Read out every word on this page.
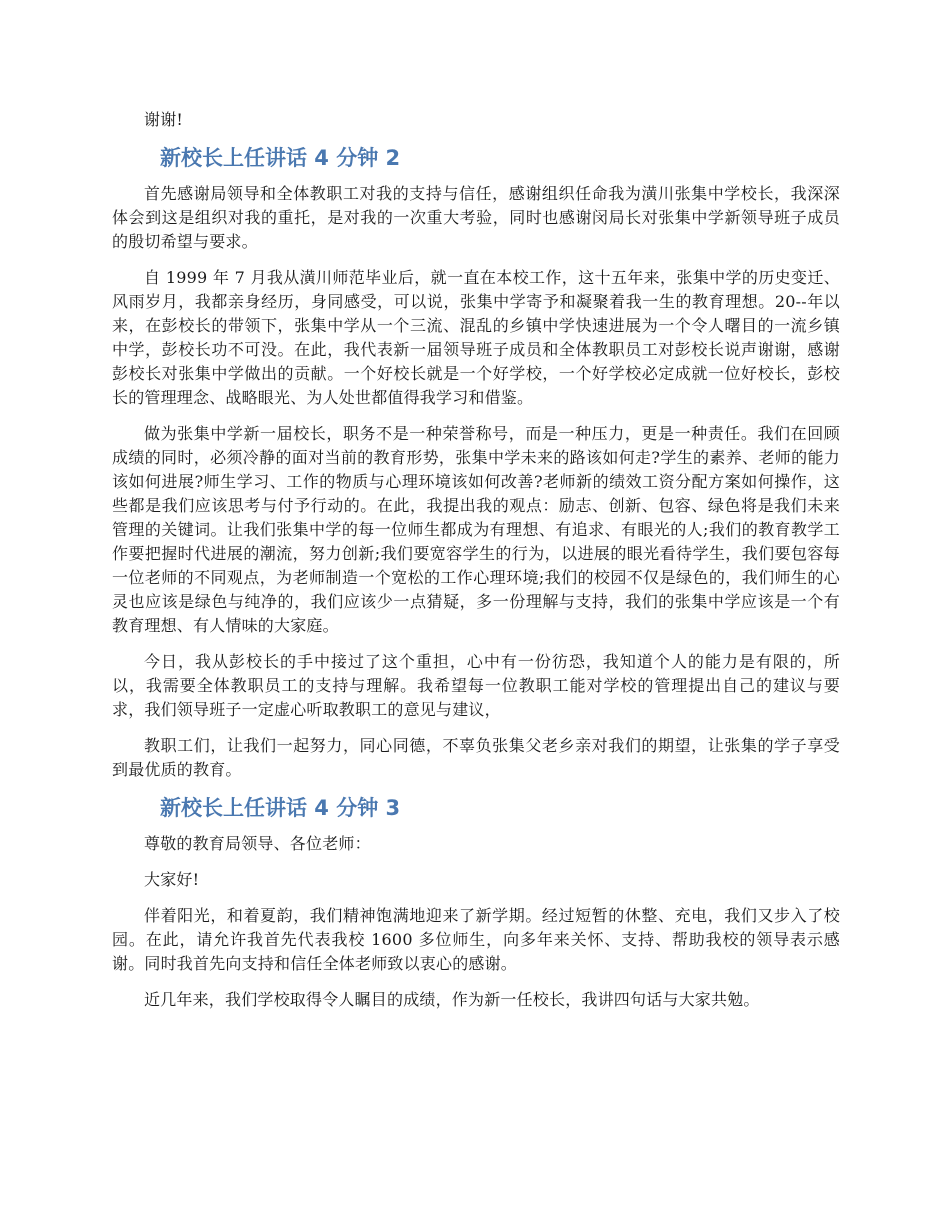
谢谢!

新校长上任讲话 4 分钟 2

首先感谢局领导和全体教职工对我的支持与信任，感谢组织任命我为潢川张集中学校长，我深深体会到这是组织对我的重托，是对我的一次重大考验，同时也感谢闵局长对张集中学新领导班子成员的殷切希望与要求。

自 1999 年 7 月我从潢川师范毕业后，就一直在本校工作，这十五年来，张集中学的历史变迁、风雨岁月，我都亲身经历，身同感受，可以说，张集中学寄予和凝聚着我一生的教育理想。20--年以来，在彭校长的带领下，张集中学从一个三流、混乱的乡镇中学快速进展为一个令人曙目的一流乡镇中学，彭校长功不可没。在此，我代表新一届领导班子成员和全体教职员工对彭校长说声谢谢，感谢彭校长对张集中学做出的贡献。一个好校长就是一个好学校，一个好学校必定成就一位好校长，彭校长的管理理念、战略眼光、为人处世都值得我学习和借鉴。

做为张集中学新一届校长，职务不是一种荣誉称号，而是一种压力，更是一种责任。我们在回顾成绩的同时，必须冷静的面对当前的教育形势，张集中学未来的路该如何走?学生的素养、老师的能力该如何进展?师生学习、工作的物质与心理环境该如何改善?老师新的绩效工资分配方案如何操作，这些都是我们应该思考与付予行动的。在此，我提出我的观点：励志、创新、包容、绿色将是我们未来管理的关键词。让我们张集中学的每一位师生都成为有理想、有追求、有眼光的人;我们的教育教学工作要把握时代进展的潮流，努力创新;我们要宽容学生的行为，以进展的眼光看待学生，我们要包容每一位老师的不同观点，为老师制造一个宽松的工作心理环境;我们的校园不仅是绿色的，我们师生的心灵也应该是绿色与纯净的，我们应该少一点猜疑，多一份理解与支持，我们的张集中学应该是一个有教育理想、有人情味的大家庭。

今日，我从彭校长的手中接过了这个重担，心中有一份彷恐，我知道个人的能力是有限的，所以，我需要全体教职员工的支持与理解。我希望每一位教职工能对学校的管理提出自己的建议与要求，我们领导班子一定虚心听取教职工的意见与建议，

教职工们，让我们一起努力，同心同德，不辜负张集父老乡亲对我们的期望，让张集的学子享受到最优质的教育。

新校长上任讲话 4 分钟 3

尊敬的教育局领导、各位老师：

大家好!

伴着阳光，和着夏韵，我们精神饱满地迎来了新学期。经过短暂的休整、充电，我们又步入了校园。在此，请允许我首先代表我校 1600 多位师生，向多年来关怀、支持、帮助我校的领导表示感谢。同时我首先向支持和信任全体老师致以衷心的感谢。

近几年来，我们学校取得令人瞩目的成绩，作为新一任校长，我讲四句话与大家共勉。
